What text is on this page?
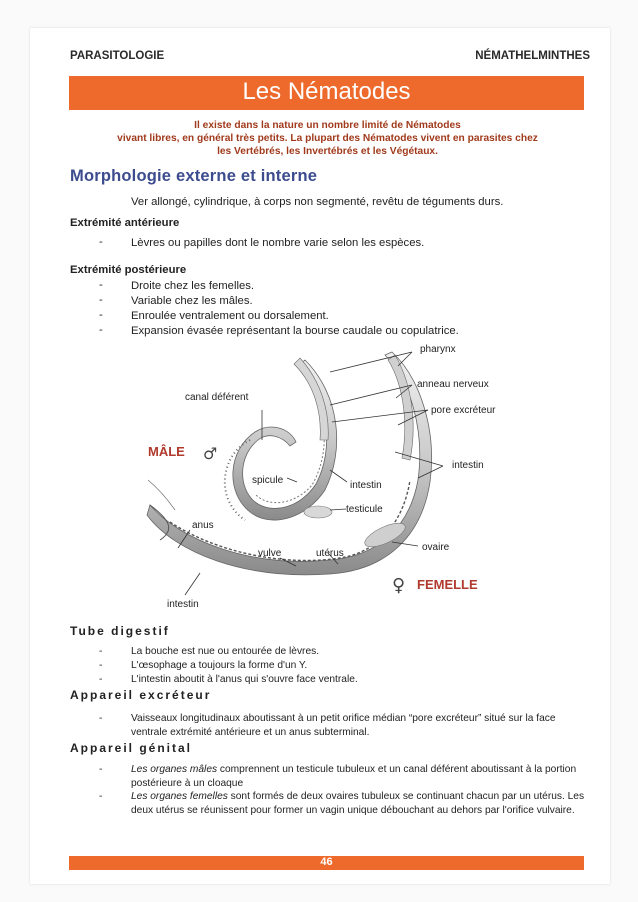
PARASITOLOGIE	NÉMATHELMINTHES
Les Nématodes
Il existe dans la nature un nombre limité de Nématodes
vivant libres, en général très petits. La plupart des Nématodes vivent en parasites chez
les Vertébrés, les Invertébrés et les Végétaux.
Morphologie externe et interne
Ver allongé, cylindrique, à corps non segmenté, revêtu de téguments durs.
Extrémité antérieure
- Lèvres ou papilles dont le nombre varie selon les espèces.
Extrémité postérieure
- Droite chez les femelles.
- Variable chez les mâles.
- Enroulée ventralement ou dorsalement.
- Expansion évasée représentant la bourse caudale ou copulatrice.
pharynx
anneau nerveux
pore excréteur
canal déférent
MÂLE ♂
spicule	intestin
intestin
testicule
anus
ovaire
vulve	utérus
♀ FEMELLE
intestin
Tube digestif
-	La bouche est nue ou entourée de lèvres.
-	L'œsophage a toujours la forme d'un Y.
-	L'intestin aboutit à l'anus qui s'ouvre face ventrale.
Appareil excréteur
-	Vaisseaux longitudinaux aboutissant à un petit orifice médian “pore excréteur” situé sur la face ventrale extrémité antérieure et un anus subterminal.
Appareil génital
-	Les organes mâles comprennent un testicule tubuleux et un canal déférent aboutissant à la portion postérieure à un cloaque
-	Les organes femelles sont formés de deux ovaires tubuleux se continuant chacun par un utérus. Les deux utérus se réunissent pour former un vagin unique débouchant au dehors par l'orifice vulvaire.
46
